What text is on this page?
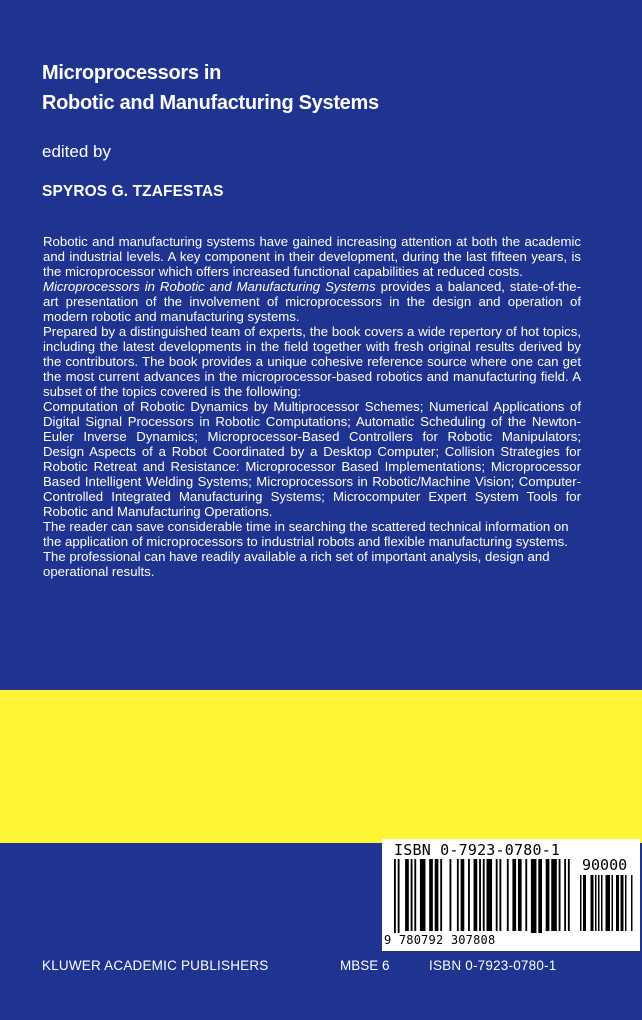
Microprocessors in
Robotic and Manufacturing Systems
edited by
SPYROS G. TZAFESTAS

Robotic and manufacturing systems have gained increasing attention at both the academic and industrial levels. A key component in their development, during the last fifteen years, is the microprocessor which offers increased functional capabilities at reduced costs.

Microprocessors in Robotic and Manufacturing Systems provides a balanced, state-of-the-art presentation of the involvement of microprocessors in the design and operation of modern robotic and manufacturing systems.

Prepared by a distinguished team of experts, the book covers a wide repertory of hot topics, including the latest developments in the field together with fresh original results derived by the contributors. The book provides a unique cohesive reference source where one can get the most current advances in the microprocessor-based robotics and manufacturing field. A subset of the topics covered is the following:

Computation of Robotic Dynamics by Multiprocessor Schemes; Numerical Applications of Digital Signal Processors in Robotic Computations; Automatic Scheduling of the Newton-Euler Inverse Dynamics; Microprocessor-Based Controllers for Robotic Manipulators; Design Aspects of a Robot Coordinated by a Desktop Computer; Collision Strategies for Robotic Retreat and Resistance: Microprocessor Based Implementations; Microprocessor Based Intelligent Welding Systems; Microprocessors in Robotic/Machine Vision; Computer-Controlled Integrated Manufacturing Systems; Microcomputer Expert System Tools for Robotic and Manufacturing Operations.

The reader can save considerable time in searching the scattered technical information on the application of microprocessors to industrial robots and flexible manufacturing systems. The professional can have readily available a rich set of important analysis, design and operational results.

ISBN 0-7923-0780-1
90000
9 780792 307808
KLUWER ACADEMIC PUBLISHERS	MBSE 6	ISBN 0-7923-0780-1
